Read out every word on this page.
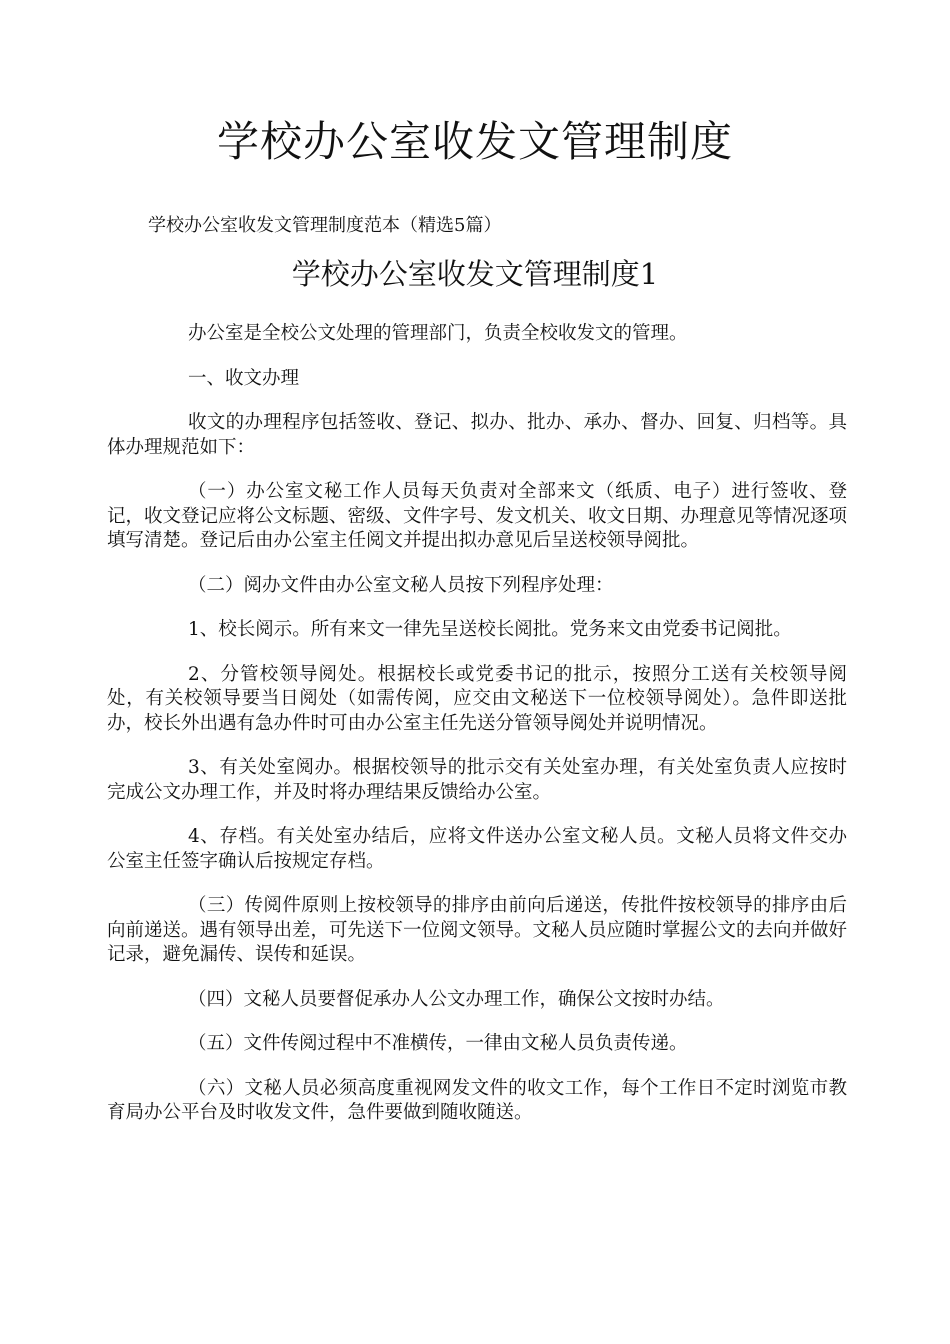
学校办公室收发文管理制度

学校办公室收发文管理制度范本（精选5篇）

学校办公室收发文管理制度1

办公室是全校公文处理的管理部门，负责全校收发文的管理。

一、收文办理

收文的办理程序包括签收、登记、拟办、批办、承办、督办、回复、归档等。具体办理规范如下：

（一）办公室文秘工作人员每天负责对全部来文（纸质、电子）进行签收、登记，收文登记应将公文标题、密级、文件字号、发文机关、收文日期、办理意见等情况逐项填写清楚。登记后由办公室主任阅文并提出拟办意见后呈送校领导阅批。

（二）阅办文件由办公室文秘人员按下列程序处理：

1、校长阅示。所有来文一律先呈送校长阅批。党务来文由党委书记阅批。

2、分管校领导阅处。根据校长或党委书记的批示，按照分工送有关校领导阅处，有关校领导要当日阅处（如需传阅，应交由文秘送下一位校领导阅处）。急件即送批办，校长外出遇有急办件时可由办公室主任先送分管领导阅处并说明情况。

3、有关处室阅办。根据校领导的批示交有关处室办理，有关处室负责人应按时完成公文办理工作，并及时将办理结果反馈给办公室。

4、存档。有关处室办结后，应将文件送办公室文秘人员。文秘人员将文件交办公室主任签字确认后按规定存档。

（三）传阅件原则上按校领导的排序由前向后递送，传批件按校领导的排序由后向前递送。遇有领导出差，可先送下一位阅文领导。文秘人员应随时掌握公文的去向并做好记录，避免漏传、误传和延误。

（四）文秘人员要督促承办人公文办理工作，确保公文按时办结。

（五）文件传阅过程中不准横传，一律由文秘人员负责传递。

（六）文秘人员必须高度重视网发文件的收文工作，每个工作日不定时浏览市教育局办公平台及时收发文件，急件要做到随收随送。
